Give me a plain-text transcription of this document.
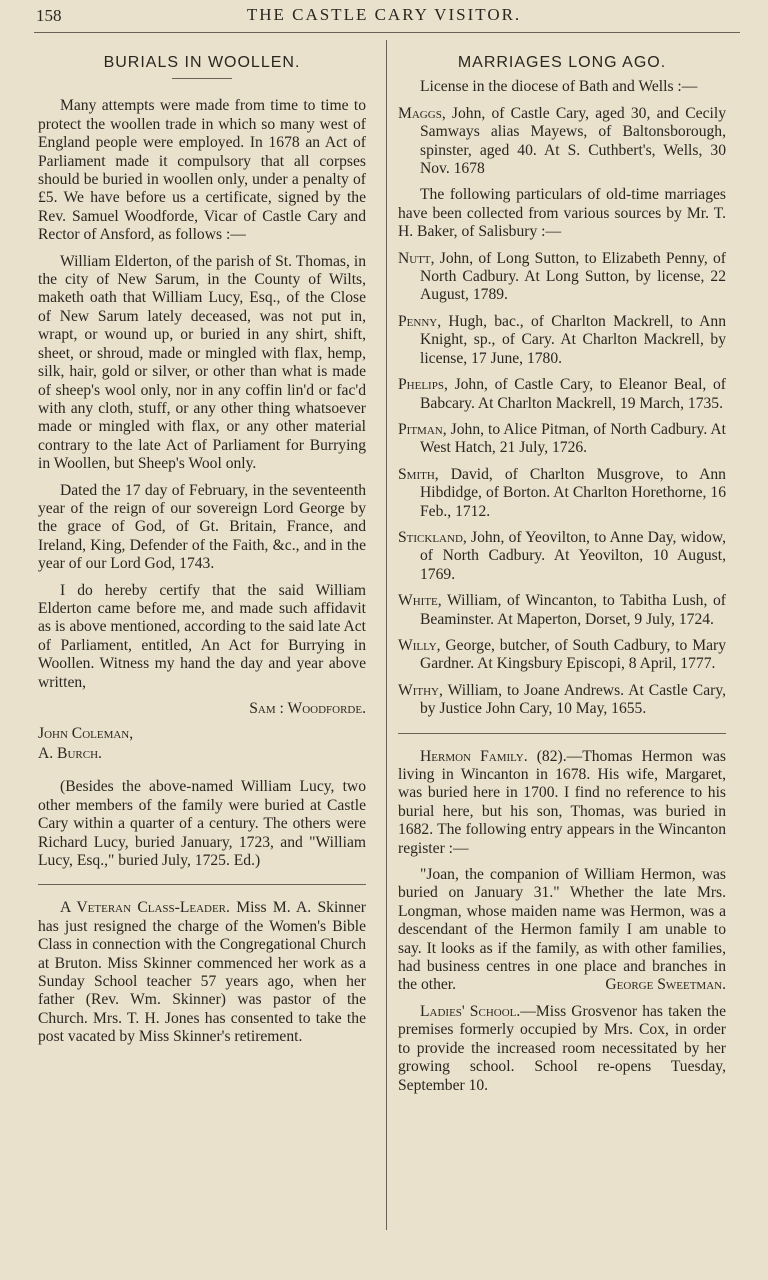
158	THE CASTLE CARY VISITOR.
BURIALS IN WOOLLEN.

Many attempts were made from time to time to protect the woollen trade in which so many west of England people were employed. In 1678 an Act of Parliament made it compulsory that all corpses should be buried in woollen only, under a penalty of £5. We have before us a certificate, signed by the Rev. Samuel Woodforde, Vicar of Castle Cary and Rector of Ansford, as follows :—

William Elderton, of the parish of St. Thomas, in the city of New Sarum, in the County of Wilts, maketh oath that William Lucy, Esq., of the Close of New Sarum lately deceased, was not put in, wrapt, or wound up, or buried in any shirt, shift, sheet, or shroud, made or mingled with flax, hemp, silk, hair, gold or silver, or other than what is made of sheep's wool only, nor in any coffin lin'd or fac'd with any cloth, stuff, or any other thing whatsoever made or mingled with flax, or any other material contrary to the late Act of Parliament for Burrying in Woollen, but Sheep's Wool only.

Dated the 17 day of February, in the seventeenth year of the reign of our sovereign Lord George by the grace of God, of Gt. Britain, France, and Ireland, King, Defender of the Faith, &c., and in the year of our Lord God, 1743.

I do hereby certify that the said William Elderton came before me, and made such affidavit as is above mentioned, according to the said late Act of Parliament, entitled, An Act for Burrying in Woollen. Witness my hand the day and year above written,

Sam : Woodforde.
John Coleman,
A. Burch.

(Besides the above-named William Lucy, two other members of the family were buried at Castle Cary within a quarter of a century. The others were Richard Lucy, buried January, 1723, and "William Lucy, Esq.," buried July, 1725. Ed.)

A Veteran Class-Leader. Miss M. A. Skinner has just resigned the charge of the Women's Bible Class in connection with the Congregational Church at Bruton. Miss Skinner commenced her work as a Sunday School teacher 57 years ago, when her father (Rev. Wm. Skinner) was pastor of the Church. Mrs. T. H. Jones has consented to take the post vacated by Miss Skinner's retirement.

MARRIAGES LONG AGO.

License in the diocese of Bath and Wells :—

Maggs, John, of Castle Cary, aged 30, and Cecily Samways alias Mayews, of Baltonsborough, spinster, aged 40. At S. Cuthbert's, Wells, 30 Nov. 1678

The following particulars of old-time marriages have been collected from various sources by Mr. T. H. Baker, of Salisbury :—

Nutt, John, of Long Sutton, to Elizabeth Penny, of North Cadbury. At Long Sutton, by license, 22 August, 1789.
Penny, Hugh, bac., of Charlton Mackrell, to Ann Knight, sp., of Cary. At Charlton Mackrell, by license, 17 June, 1780.
Phelips, John, of Castle Cary, to Eleanor Beal, of Babcary. At Charlton Mackrell, 19 March, 1735.
Pitman, John, to Alice Pitman, of North Cadbury. At West Hatch, 21 July, 1726.
Smith, David, of Charlton Musgrove, to Ann Hibdidge, of Borton. At Charlton Horethorne, 16 Feb., 1712.
Stickland, John, of Yeovilton, to Anne Day, widow, of North Cadbury. At Yeovilton, 10 August, 1769.
White, William, of Wincanton, to Tabitha Lush, of Beaminster. At Maperton, Dorset, 9 July, 1724.
Willy, George, butcher, of South Cadbury, to Mary Gardner. At Kingsbury Episcopi, 8 April, 1777.
Withy, William, to Joane Andrews. At Castle Cary, by Justice John Cary, 10 May, 1655.

Hermon Family. (82).—Thomas Hermon was living in Wincanton in 1678. His wife, Margaret, was buried here in 1700. I find no reference to his burial here, but his son, Thomas, was buried in 1682. The following entry appears in the Wincanton register :—

"Joan, the companion of William Hermon, was buried on January 31." Whether the late Mrs. Longman, whose maiden name was Hermon, was a descendant of the Hermon family I am unable to say. It looks as if the family, as with other families, had business centres in one place and branches in the other.	George Sweetman.

Ladies' School.—Miss Grosvenor has taken the premises formerly occupied by Mrs. Cox, in order to provide the increased room necessitated by her growing school. School re-opens Tuesday, September 10.
